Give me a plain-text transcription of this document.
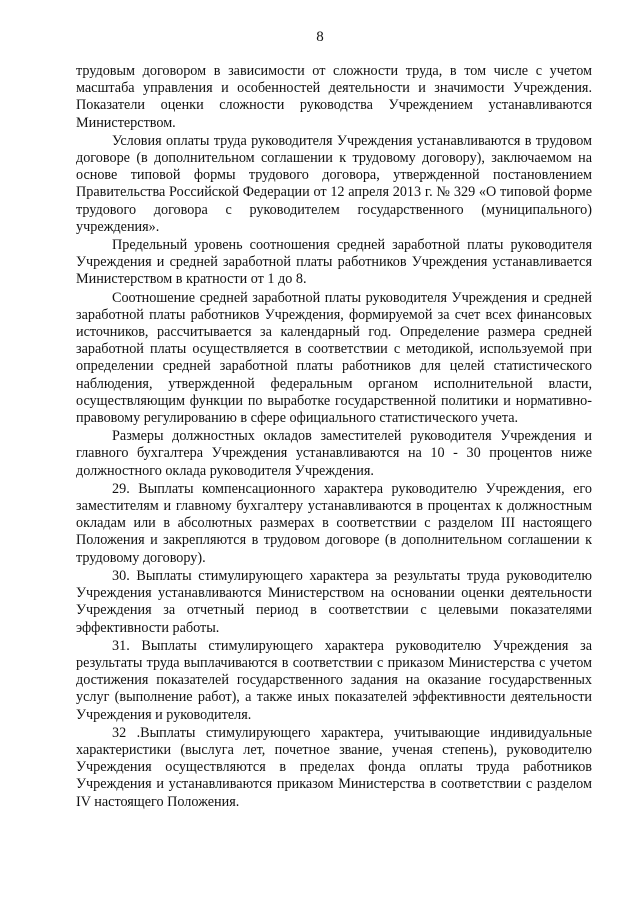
8

трудовым договором в зависимости от сложности труда, в том числе с учетом масштаба управления и особенностей деятельности и значимости Учреждения. Показатели оценки сложности руководства Учреждением устанавливаются Министерством.

Условия оплаты труда руководителя Учреждения устанавливаются в трудовом договоре (в дополнительном соглашении к трудовому договору), заключаемом на основе типовой формы трудового договора, утвержденной постановлением Правительства Российской Федерации от 12 апреля 2013 г. № 329 «О типовой форме трудового договора с руководителем государственного (муниципального) учреждения».

Предельный уровень соотношения средней заработной платы руководителя Учреждения и средней заработной платы работников Учреждения устанавливается Министерством в кратности от 1 до 8.

Соотношение средней заработной платы руководителя Учреждения и средней заработной платы работников Учреждения, формируемой за счет всех финансовых источников, рассчитывается за календарный год. Определение размера средней заработной платы осуществляется в соответствии с методикой, используемой при определении средней заработной платы работников для целей статистического наблюдения, утвержденной федеральным органом исполнительной власти, осуществляющим функции по выработке государственной политики и нормативно-правовому регулированию в сфере официального статистического учета.

Размеры должностных окладов заместителей руководителя Учреждения и главного бухгалтера Учреждения устанавливаются на 10 - 30 процентов ниже должностного оклада руководителя Учреждения.

29. Выплаты компенсационного характера руководителю Учреждения, его заместителям и главному бухгалтеру устанавливаются в процентах к должностным окладам или в абсолютных размерах в соответствии с разделом III настоящего Положения и закрепляются в трудовом договоре (в дополнительном соглашении к трудовому договору).

30. Выплаты стимулирующего характера за результаты труда руководителю Учреждения устанавливаются Министерством на основании оценки деятельности Учреждения за отчетный период в соответствии с целевыми показателями эффективности работы.

31. Выплаты стимулирующего характера руководителю Учреждения за результаты труда выплачиваются в соответствии с приказом Министерства с учетом достижения показателей государственного задания на оказание государственных услуг (выполнение работ), а также иных показателей эффективности деятельности Учреждения и руководителя.

32 .Выплаты стимулирующего характера, учитывающие индивидуальные характеристики (выслуга лет, почетное звание, ученая степень), руководителю Учреждения осуществляются в пределах фонда оплаты труда работников Учреждения и устанавливаются приказом Министерства в соответствии с разделом IV настоящего Положения.
